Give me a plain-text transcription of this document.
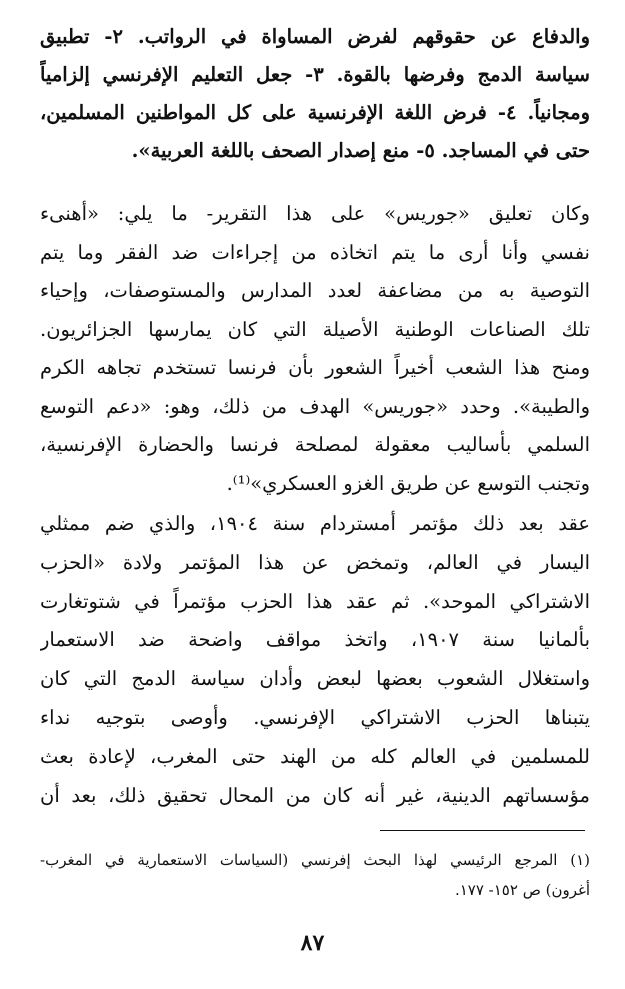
والدفاع عن حقوقهم لفرض المساواة في الرواتب. ٢- تطبيق
سياسة الدمج وفرضها بالقوة. ٣- جعل التعليم الإفرنسي إلزامياً
ومجانياً. ٤- فرض اللغة الإفرنسية على كل المواطنين المسلمين،
حتى في المساجد. ٥- منع إصدار الصحف باللغة العربية».

وكان تعليق «جوريس» على هذا التقرير- ما يلي: «أهنىء
نفسي وأنا أرى ما يتم اتخاذه من إجراءات ضد الفقر وما يتم
التوصية به من مضاعفة لعدد المدارس والمستوصفات، وإحياء
تلك الصناعات الوطنية الأصيلة التي كان يمارسها الجزائريون.
ومنح هذا الشعب أخيراً الشعور بأن فرنسا تستخدم تجاهه الكرم
والطيبة». وحدد «جوريس» الهدف من ذلك، وهو: «دعم التوسع
السلمي بأساليب معقولة لمصلحة فرنسا والحضارة الإفرنسية،
وتجنب التوسع عن طريق الغزو العسكري»⁽¹⁾.

عقد بعد ذلك مؤتمر أمستردام سنة ١٩٠٤، والذي ضم ممثلي
اليسار في العالم، وتمخض عن هذا المؤتمر ولادة «الحزب
الاشتراكي الموحد». ثم عقد هذا الحزب مؤتمراً في شتوتغارت
بألمانيا سنة ١٩٠٧، واتخذ مواقف واضحة ضد الاستعمار
واستغلال الشعوب بعضها لبعض وأدان سياسة الدمج التي كان
يتبناها الحزب الاشتراكي الإفرنسي. وأوصى بتوجيه نداء
للمسلمين في العالم كله من الهند حتى المغرب، لإعادة بعث
مؤسساتهم الدينية، غير أنه كان من المحال تحقيق ذلك، بعد أن

(١) المرجع الرئيسي لهذا البحث إفرنسي (السياسات الاستعمارية في المغرب-
أغرون) ص ١٥٢- ١٧٧.

٨٧
